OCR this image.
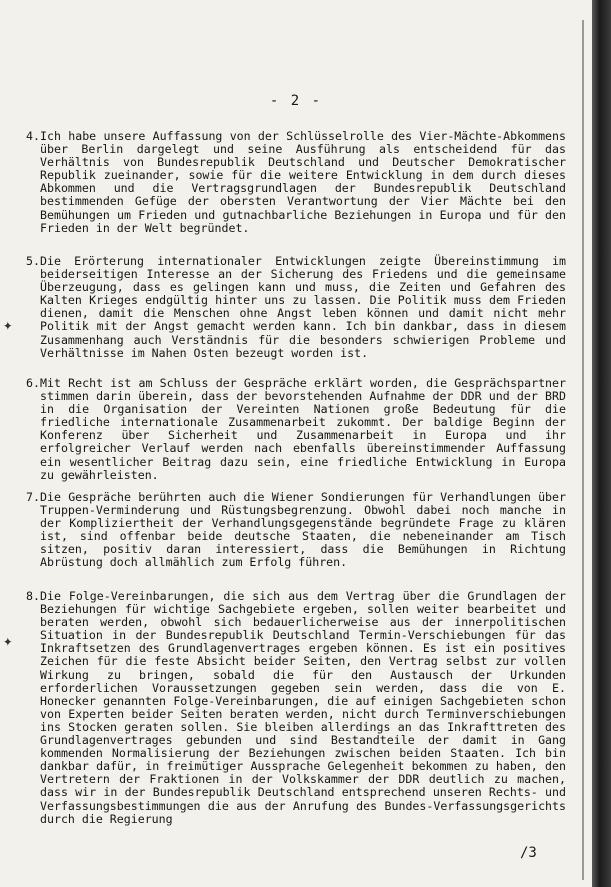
- 2 -
4. Ich habe unsere Auffassung von der Schlüsselrolle des Vier-Mächte-Abkommens über Berlin dargelegt und seine Ausführung als entscheidend für das Verhältnis von Bundesrepublik Deutschland und Deutscher Demokratischer Republik zueinander, sowie für die weitere Entwicklung in dem durch dieses Abkommen und die Vertragsgrundlagen der Bundesrepublik Deutschland bestimmenden Gefüge der obersten Verantwortung der Vier Mächte bei den Bemühungen um Frieden und gutnachbarliche Beziehungen in Europa und für den Frieden in der Welt begründet.
5. Die Erörterung internationaler Entwicklungen zeigte Übereinstimmung im beiderseitigen Interesse an der Sicherung des Friedens und die gemeinsame Überzeugung, dass es gelingen kann und muss, die Zeiten und Gefahren des Kalten Krieges endgültig hinter uns zu lassen. Die Politik muss dem Frieden dienen, damit die Menschen ohne Angst leben können und damit nicht mehr Politik mit der Angst gemacht werden kann. Ich bin dankbar, dass in diesem Zusammenhang auch Verständnis für die besonders schwierigen Probleme und Verhältnisse im Nahen Osten bezeugt worden ist.
6. Mit Recht ist am Schluss der Gespräche erklärt worden, die Gesprächspartner stimmen darin überein, dass der bevorstehenden Aufnahme der DDR und der BRD in die Organisation der Vereinten Nationen große Bedeutung für die friedliche internationale Zusammenarbeit zukommt. Der baldige Beginn der Konferenz über Sicherheit und Zusammenarbeit in Europa und ihr erfolgreicher Verlauf werden nach ebenfalls übereinstimmender Auffassung ein wesentlicher Beitrag dazu sein, eine friedliche Entwicklung in Europa zu gewährleisten.
7. Die Gespräche berührten auch die Wiener Sondierungen für Verhandlungen über Truppen-Verminderung und Rüstungsbegrenzung. Obwohl dabei noch manche in der Kompliziertheit der Verhandlungsgegenstände begründete Frage zu klären ist, sind offenbar beide deutsche Staaten, die nebeneinander am Tisch sitzen, positiv daran interessiert, dass die Bemühungen in Richtung Abrüstung doch allmählich zum Erfolg führen.
8. Die Folge-Vereinbarungen, die sich aus dem Vertrag über die Grundlagen der Beziehungen für wichtige Sachgebiete ergeben, sollen weiter bearbeitet und beraten werden, obwohl sich bedauerlicherweise aus der innerpolitischen Situation in der Bundesrepublik Deutschland Termin-Verschiebungen für das Inkraftsetzen des Grundlagenvertrages ergeben können. Es ist ein positives Zeichen für die feste Absicht beider Seiten, den Vertrag selbst zur vollen Wirkung zu bringen, sobald die für den Austausch der Urkunden erforderlichen Voraussetzungen gegeben sein werden, dass die von E. Honecker genannten Folge-Vereinbarungen, die auf einigen Sachgebieten schon von Experten beider Seiten beraten werden, nicht durch Terminverschiebungen ins Stocken geraten sollen. Sie bleiben allerdings an das Inkrafttreten des Grundlagenvertrages gebunden und sind Bestandteile der damit in Gang kommenden Normalisierung der Beziehungen zwischen beiden Staaten. Ich bin dankbar dafür, in freimütiger Aussprache Gelegenheit bekommen zu haben, den Vertretern der Fraktionen in der Volkskammer der DDR deutlich zu machen, dass wir in der Bundesrepublik Deutschland entsprechend unseren Rechts- und Verfassungsbestimmungen die aus der Anrufung des Bundes-Verfassungsgerichts durch die Regierung
✦
✦
/3
